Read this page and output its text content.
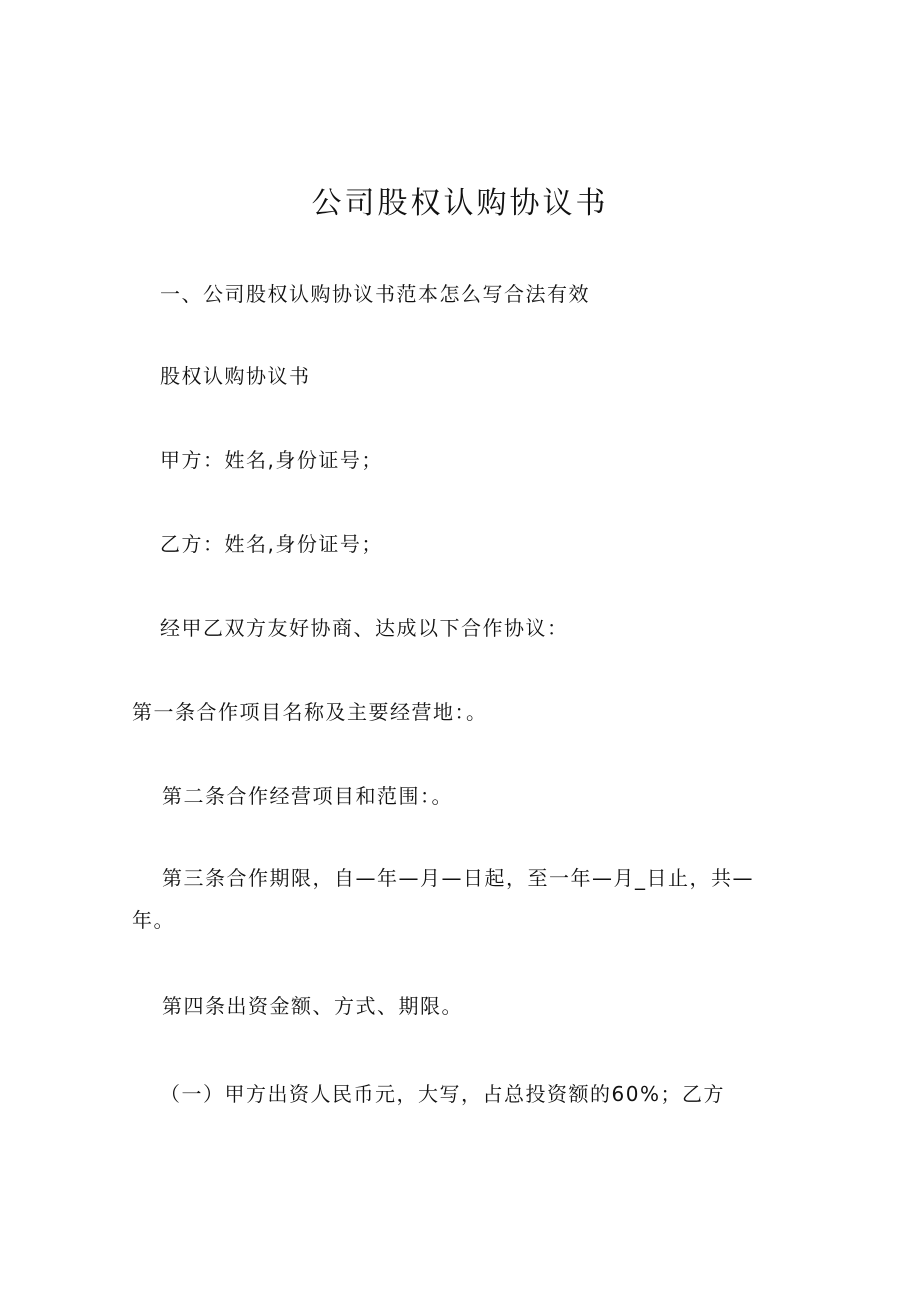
公司股权认购协议书
一、公司股权认购协议书范本怎么写合法有效
股权认购协议书
甲方：姓名,身份证号；
乙方：姓名,身份证号；
经甲乙双方友好协商、达成以下合作协议：
第一条合作项目名称及主要经营地：。
第二条合作经营项目和范围：。
第三条合作期限，自—年—月—日起，至一年—月_日止，共—
年。
第四条出资金额、方式、期限。
（一）甲方出资人民币元，大写，占总投资额的60%；乙方
